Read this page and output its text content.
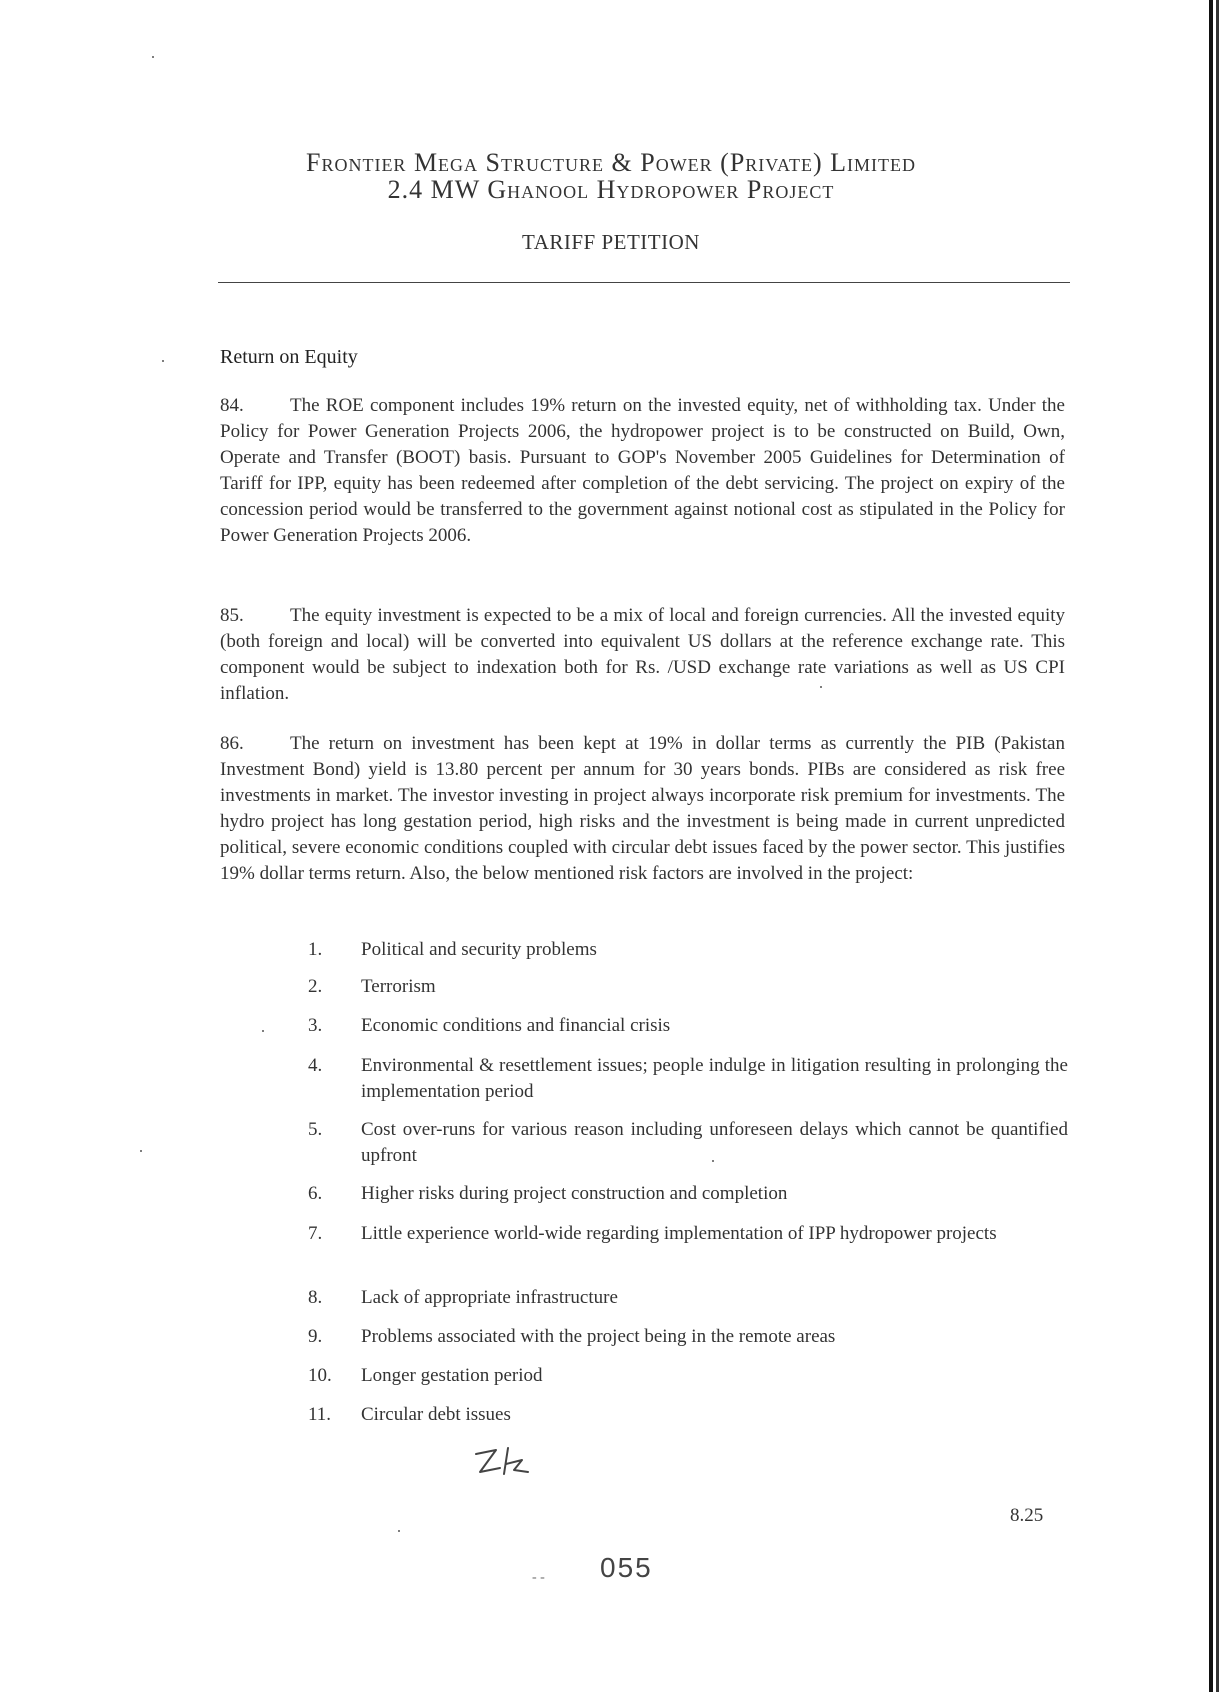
Frontier Mega Structure & Power (Private) Limited
2.4 MW Ghanool Hydropower Project
TARIFF PETITION
Return on Equity
84. The ROE component includes 19% return on the invested equity, net of withholding tax. Under the Policy for Power Generation Projects 2006, the hydropower project is to be constructed on Build, Own, Operate and Transfer (BOOT) basis. Pursuant to GOP's November 2005 Guidelines for Determination of Tariff for IPP, equity has been redeemed after completion of the debt servicing. The project on expiry of the concession period would be transferred to the government against notional cost as stipulated in the Policy for Power Generation Projects 2006.
85. The equity investment is expected to be a mix of local and foreign currencies. All the invested equity (both foreign and local) will be converted into equivalent US dollars at the reference exchange rate. This component would be subject to indexation both for Rs. /USD exchange rate variations as well as US CPI inflation.
86. The return on investment has been kept at 19% in dollar terms as currently the PIB (Pakistan Investment Bond) yield is 13.80 percent per annum for 30 years bonds. PIBs are considered as risk free investments in market. The investor investing in project always incorporate risk premium for investments. The hydro project has long gestation period, high risks and the investment is being made in current unpredicted political, severe economic conditions coupled with circular debt issues faced by the power sector. This justifies 19% dollar terms return. Also, the below mentioned risk factors are involved in the project:
1.	Political and security problems
2.	Terrorism
3.	Economic conditions and financial crisis
4.	Environmental & resettlement issues; people indulge in litigation resulting in prolonging the implementation period
5.	Cost over-runs for various reason including unforeseen delays which cannot be quantified upfront
6.	Higher risks during project construction and completion
7.	Little experience world-wide regarding implementation of IPP hydropower projects
8.	Lack of appropriate infrastructure
9.	Problems associated with the project being in the remote areas
10.	Longer gestation period
11.	Circular debt issues
8.25
- - 055
